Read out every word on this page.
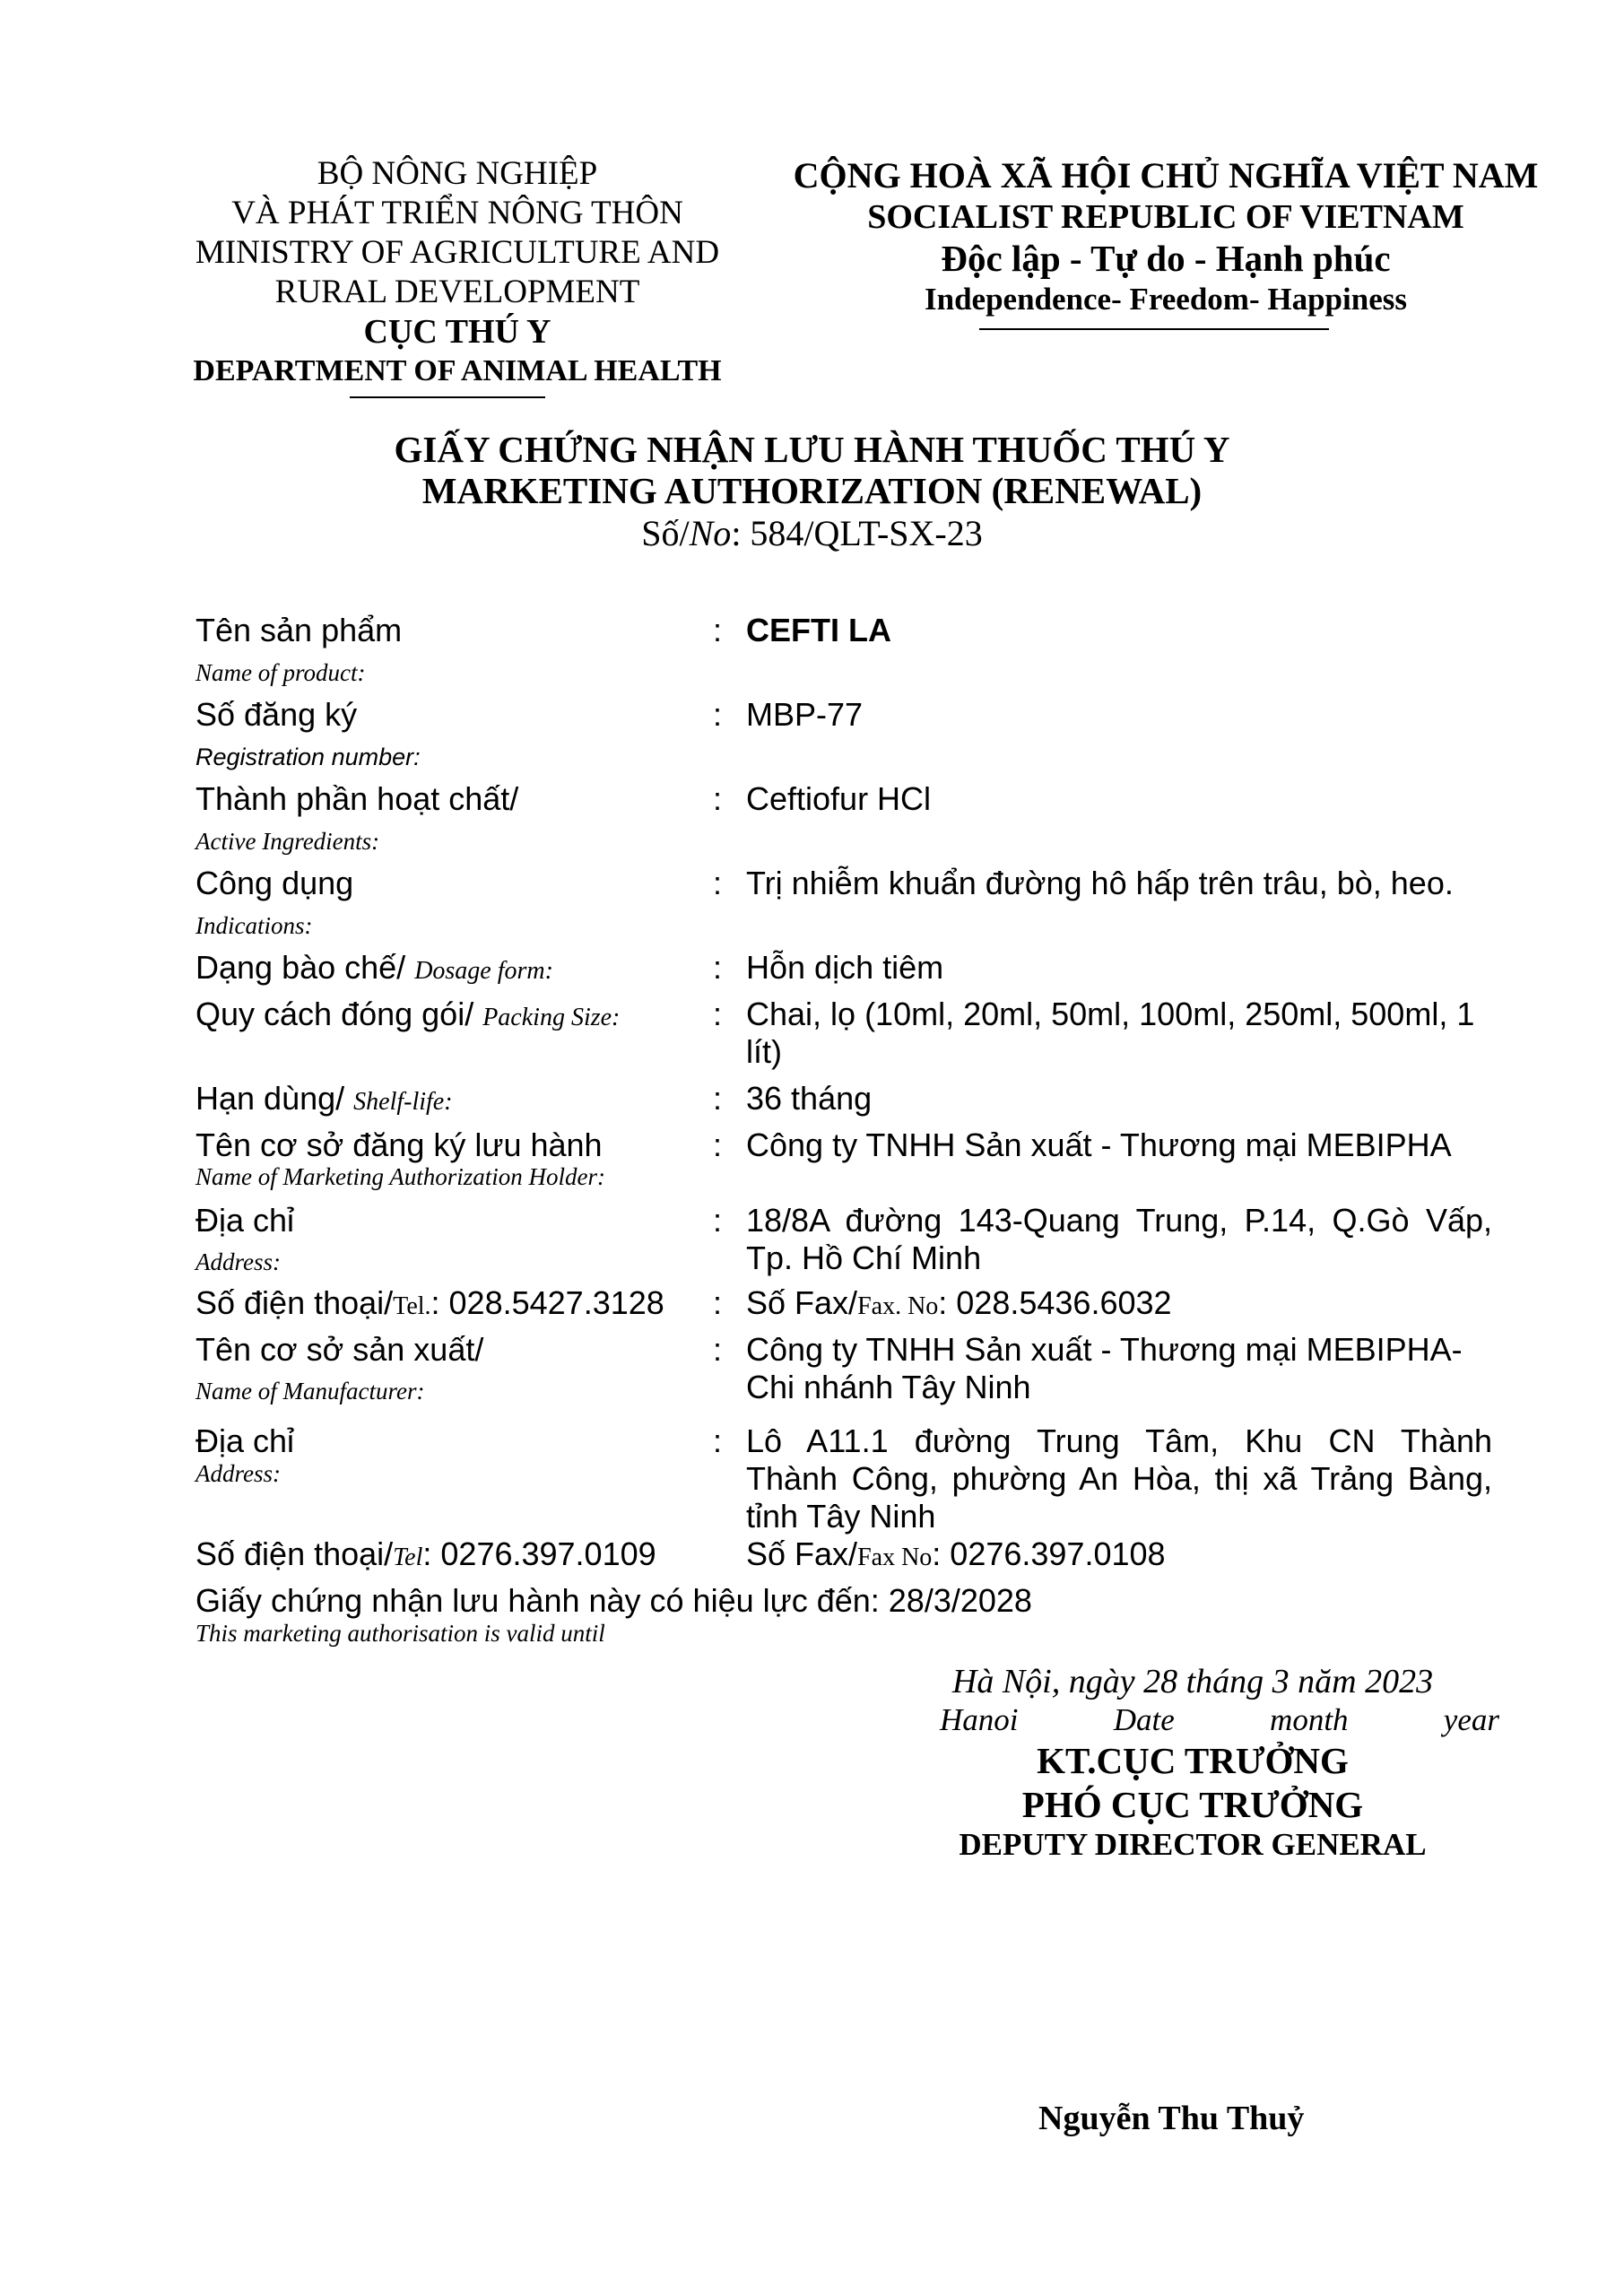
BỘ NÔNG NGHIỆP
VÀ PHÁT TRIỂN NÔNG THÔN
MINISTRY OF AGRICULTURE AND
RURAL DEVELOPMENT
CỤC THÚ Y
DEPARTMENT OF ANIMAL HEALTH
CỘNG HOÀ XÃ HỘI CHỦ NGHĨA VIỆT NAM
SOCIALIST REPUBLIC OF VIETNAM
Độc lập - Tự do - Hạnh phúc
Independence- Freedom- Happiness
GIẤY CHỨNG NHẬN LƯU HÀNH THUỐC THÚ Y
MARKETING AUTHORIZATION (RENEWAL)
Số/No: 584/QLT-SX-23
Tên sản phẩm
Name of product:
: CEFTI LA
Số đăng ký
Registration number:
: MBP-77
Thành phần hoạt chất/
Active Ingredients:
: Ceftiofur HCl
Công dụng
Indications:
: Trị nhiễm khuẩn đường hô hấp trên trâu, bò, heo.
Dạng bào chế/ Dosage form:	: Hỗn dịch tiêm
Quy cách đóng gói/ Packing Size:	: Chai, lọ (10ml, 20ml, 50ml, 100ml, 250ml, 500ml, 1
lít)
Hạn dùng/ Shelf-life:	: 36 tháng
Tên cơ sở đăng ký lưu hành
Name of Marketing Authorization Holder:
: Công ty TNHH Sản xuất - Thương mại MEBIPHA
Địa chỉ
Address:
: 18/8A đường 143-Quang Trung, P.14, Q.Gò Vấp,
Tp. Hồ Chí Minh
Số điện thoại/Tel.: 028.5427.3128 : Số Fax/Fax. No: 028.5436.6032
Tên cơ sở sản xuất/
Name of Manufacturer:
: Công ty TNHH Sản xuất - Thương mại MEBIPHA-
Chi nhánh Tây Ninh
Địa chỉ
Address:
: Lô A11.1 đường Trung Tâm, Khu CN Thành
Thành Công, phường An Hòa, thị xã Trảng Bàng,
tỉnh Tây Ninh
Số điện thoại/Tel: 0276.397.0109	Số Fax/Fax No: 0276.397.0108
Giấy chứng nhận lưu hành này có hiệu lực đến: 28/3/2028
This marketing authorisation is valid until
Hà Nội, ngày 28 tháng 3 năm 2023
Hanoi	Date	month	year
KT.CỤC TRƯỞNG
PHÓ CỤC TRƯỞNG
DEPUTY DIRECTOR GENERAL
Nguyễn Thu Thuỷ
